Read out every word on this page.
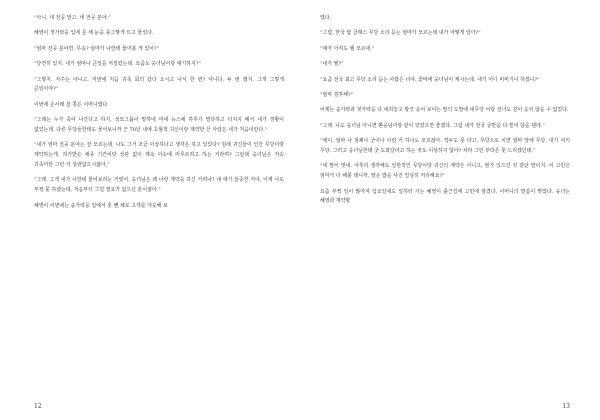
“아니, 내 전공 말고, 네 전공 분야.”

혜영이 젓가락을 입에 문 채 눈을 동그랗게 뜨고 물었다.

“엄마 전공 분야면, 무속? 엄마가 나한테 물어볼 게 있어?”

“당연히 있지. 네가 엄마나 큰일을 저질렀는데. 요즘도 옹녀님이랑 얘기하지?”

“그렇지. 자주는 아니고. 저번에 처음 귀족 회의 갔다 오시고 나서 한 번? 아니다, 두 번 했지. 그게 그렇게 큰일이야?”

이번에 손사래 친 쪽은 어머니였다.

“그래는 누가 죽어 나간다고 하지, 성모그룹이 망하네 마네 뉴스에 하루가 멀다하고 터지지 해서 내가 경황이 없었는데, 다른 무당들한테도 물어보니까 근 70년 내에 초월적 귀신이랑 계약한 산 사람은 네가 처음이란다.”

“내가 엄마 전공 분야는 잘 모르는데, 나도 그거 조금 이상하다고 생각은 하고 있었다? 원래 귀신들이 인간 무당이랑 계약하는게, 허가받은 채종 기간이랑 상관 없이 계속 이승에 머무르려고 하는 거라며? 그런데 옹녀님은 저승 귀족이란 그런 거 상관없으시잖아.”

“그래. 그게 내가 너한테 물어보려는 거였어. 옹녀님은 왜 너랑 계약을 하신 거려나? 내 얘기 들중한 거야, 이제 나도 부정 못 하겠는데, 처음부터 그럴 필요가 없으신 분이잖아.”

혜영이 이번에는 숟가락을 입에서 못 뺀 채로 고개를 갸웃해 보

12

였다.

“그럼, 한국 탑 클래스 무당 소리 듣는 엄마가 모르는데 내가 어떻게 알아?”

“얘가 아직도 헬 모르네.”

“내가 뭘?”

“요즘 전국 최고 무당 소리 듣는 사람은 너야. 꽃바에 옹녀님이 계시는데, 내가 어디 비비기나 하겠니?”

“엄마 질투해?”

이제는 숟가락과 젓가락을 다 내려놓고 방긋 웃어 보이는 딸의 도발에 대무당 이랑 선녀도 같이 웃지 않을 수 없었다.

“그래. 나도 옹녀님 아니면 환웅님이랑 같이 있었으면 좋겠다. 그럼 내가 전국 궁반을 다 쓸어 담을 텐데.”

“에이, 엄마 나 점쾌나 굿이나 이런 거 하나도 모르잖아. 작두도 못 타고, 무당으로 치면 엄마 앞에 무당, 내가 여기 무당. 그러고 옹녀님한테 굿 도와달라고 하는 것도 이상하지 않아? 차라 그런 부탁은 못 드리겠던데.”

“네 말이 맞네. 아무리 생각해도 일반적인 무당이랑 귀신의 계약은 아니고, 뭔가 있으신 것 같단 말이지. 이 고민은 엄마가 더 해볼 테니까, 딸은 밥을 사건 얼심히 처리해요?”

요즘 부쩍 일이 많아져 입요일에도 일하러 가는 혜영이 출근길에 고민에 잠겼다. 어머니의 말씀이 맞았다. 옹녀는 혜영과 계약할

13
